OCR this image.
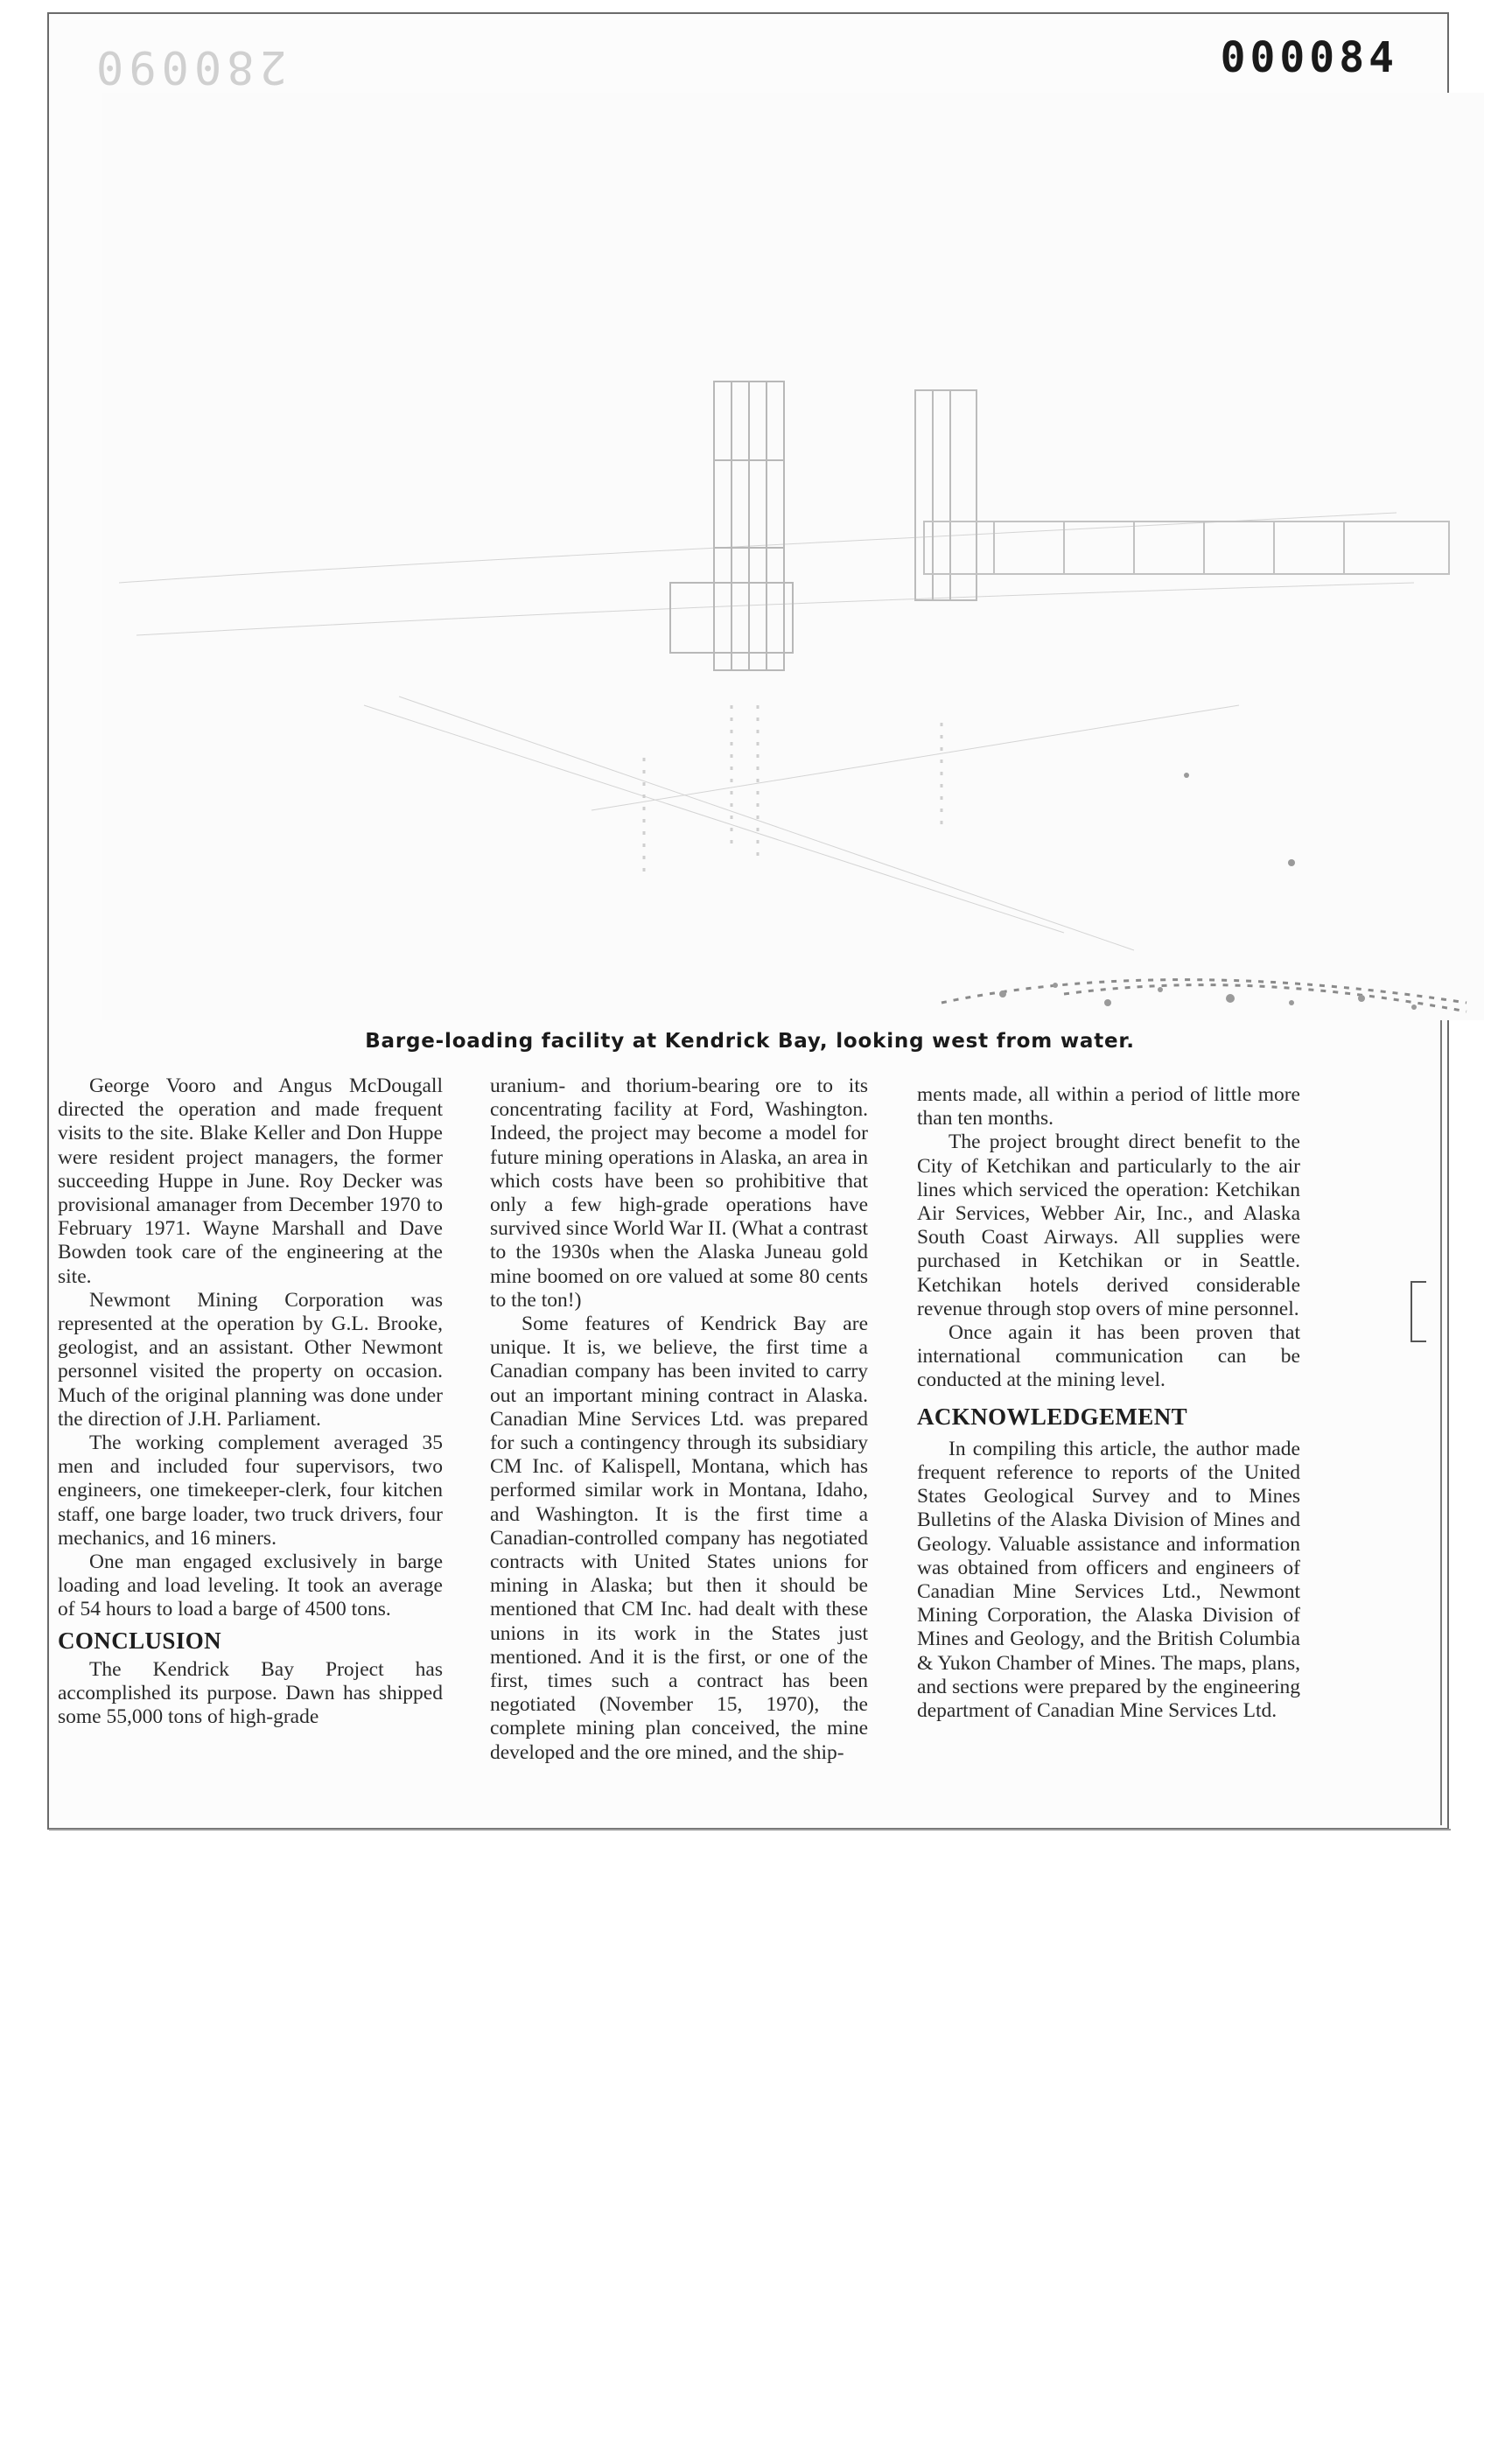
280090	000084
Barge-loading facility at Kendrick Bay, looking west from water.

George Vooro and Angus McDougall directed the operation and made frequent visits to the site. Blake Keller and Don Huppe were resident project managers, the former succeeding Huppe in June. Roy Decker was provisional amanager from December 1970 to February 1971. Wayne Marshall and Dave Bowden took care of the engineering at the site.

Newmont Mining Corporation was represented at the operation by G.L. Brooke, geologist, and an assistant. Other Newmont personnel visited the property on occasion. Much of the original planning was done under the direction of J.H. Parliament.

The working complement averaged 35 men and included four supervisors, two engineers, one timekeeper-clerk, four kitchen staff, one barge loader, two truck drivers, four mechanics, and 16 miners.

One man engaged exclusively in barge loading and load leveling. It took an average of 54 hours to load a barge of 4500 tons.

CONCLUSION

The Kendrick Bay Project has accomplished its purpose. Dawn has shipped some 55,000 tons of high-grade

uranium- and thorium-bearing ore to its concentrating facility at Ford, Washington. Indeed, the project may become a model for future mining operations in Alaska, an area in which costs have been so prohibitive that only a few high-grade operations have survived since World War II. (What a contrast to the 1930s when the Alaska Juneau gold mine boomed on ore valued at some 80 cents to the ton!)

Some features of Kendrick Bay are unique. It is, we believe, the first time a Canadian company has been invited to carry out an important mining contract in Alaska. Canadian Mine Services Ltd. was prepared for such a contingency through its subsidiary CM Inc. of Kalispell, Montana, which has performed similar work in Montana, Idaho, and Washington. It is the first time a Canadian-controlled company has negotiated contracts with United States unions for mining in Alaska; but then it should be mentioned that CM Inc. had dealt with these unions in its work in the States just mentioned. And it is the first, or one of the first, times such a contract has been negotiated (November 15, 1970), the complete mining plan conceived, the mine developed and the ore mined, and the ship-

ments made, all within a period of little more than ten months.

The project brought direct benefit to the City of Ketchikan and particularly to the air lines which serviced the operation: Ketchikan Air Services, Webber Air, Inc., and Alaska South Coast Airways. All supplies were purchased in Ketchikan or in Seattle. Ketchikan hotels derived considerable revenue through stop overs of mine personnel.

Once again it has been proven that international communication can be conducted at the mining level.

ACKNOWLEDGEMENT

In compiling this article, the author made frequent reference to reports of the United States Geological Survey and to Mines Bulletins of the Alaska Division of Mines and Geology. Valuable assistance and information was obtained from officers and engineers of Canadian Mine Services Ltd., Newmont Mining Corporation, the Alaska Division of Mines and Geology, and the British Columbia & Yukon Chamber of Mines. The maps, plans, and sections were prepared by the engineering department of Canadian Mine Services Ltd.
